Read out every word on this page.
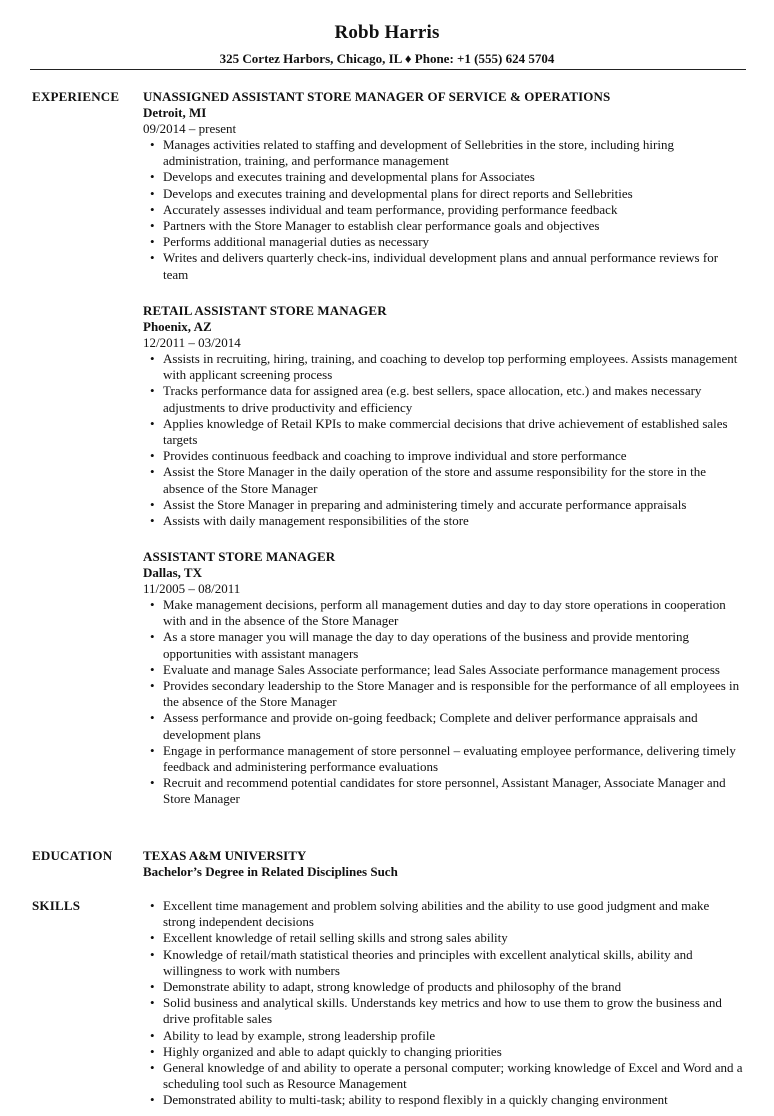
Robb Harris
325 Cortez Harbors, Chicago, IL ♦ Phone: +1 (555) 624 5704
EXPERIENCE UNASSIGNED ASSISTANT STORE MANAGER OF SERVICE & OPERATIONS
Detroit, MI
09/2014 – present
• Manages activities related to staffing and development of Sellebrities in the store, including hiring administration, training, and performance management
• Develops and executes training and developmental plans for Associates
• Develops and executes training and developmental plans for direct reports and Sellebrities
• Accurately assesses individual and team performance, providing performance feedback
• Partners with the Store Manager to establish clear performance goals and objectives
• Performs additional managerial duties as necessary
• Writes and delivers quarterly check-ins, individual development plans and annual performance reviews for team
RETAIL ASSISTANT STORE MANAGER
Phoenix, AZ
12/2011 – 03/2014
• Assists in recruiting, hiring, training, and coaching to develop top performing employees. Assists management with applicant screening process
• Tracks performance data for assigned area (e.g. best sellers, space allocation, etc.) and makes necessary adjustments to drive productivity and efficiency
• Applies knowledge of Retail KPIs to make commercial decisions that drive achievement of established sales targets
• Provides continuous feedback and coaching to improve individual and store performance
• Assist the Store Manager in the daily operation of the store and assume responsibility for the store in the absence of the Store Manager
• Assist the Store Manager in preparing and administering timely and accurate performance appraisals
• Assists with daily management responsibilities of the store
ASSISTANT STORE MANAGER
Dallas, TX
11/2005 – 08/2011
• Make management decisions, perform all management duties and day to day store operations in cooperation with and in the absence of the Store Manager
• As a store manager you will manage the day to day operations of the business and provide mentoring opportunities with assistant managers
• Evaluate and manage Sales Associate performance; lead Sales Associate performance management process
• Provides secondary leadership to the Store Manager and is responsible for the performance of all employees in the absence of the Store Manager
• Assess performance and provide on-going feedback; Complete and deliver performance appraisals and development plans
• Engage in performance management of store personnel – evaluating employee performance, delivering timely feedback and administering performance evaluations
• Recruit and recommend potential candidates for store personnel, Assistant Manager, Associate Manager and Store Manager
EDUCATION TEXAS A&M UNIVERSITY
Bachelor’s Degree in Related Disciplines Such
SKILLS
•	Excellent time management and problem solving abilities and the ability to use good judgment and make strong independent decisions
• Excellent knowledge of retail selling skills and strong sales ability
• Knowledge of retail/math statistical theories and principles with excellent analytical skills, ability and willingness to work with numbers
• Demonstrate ability to adapt, strong knowledge of products and philosophy of the brand
• Solid business and analytical skills. Understands key metrics and how to use them to grow the business and drive profitable sales
• Ability to lead by example, strong leadership profile
• Highly organized and able to adapt quickly to changing priorities
• General knowledge of and ability to operate a personal computer; working knowledge of Excel and Word and a scheduling tool such as Resource Management
• Demonstrated ability to multi-task; ability to respond flexibly in a quickly changing environment
